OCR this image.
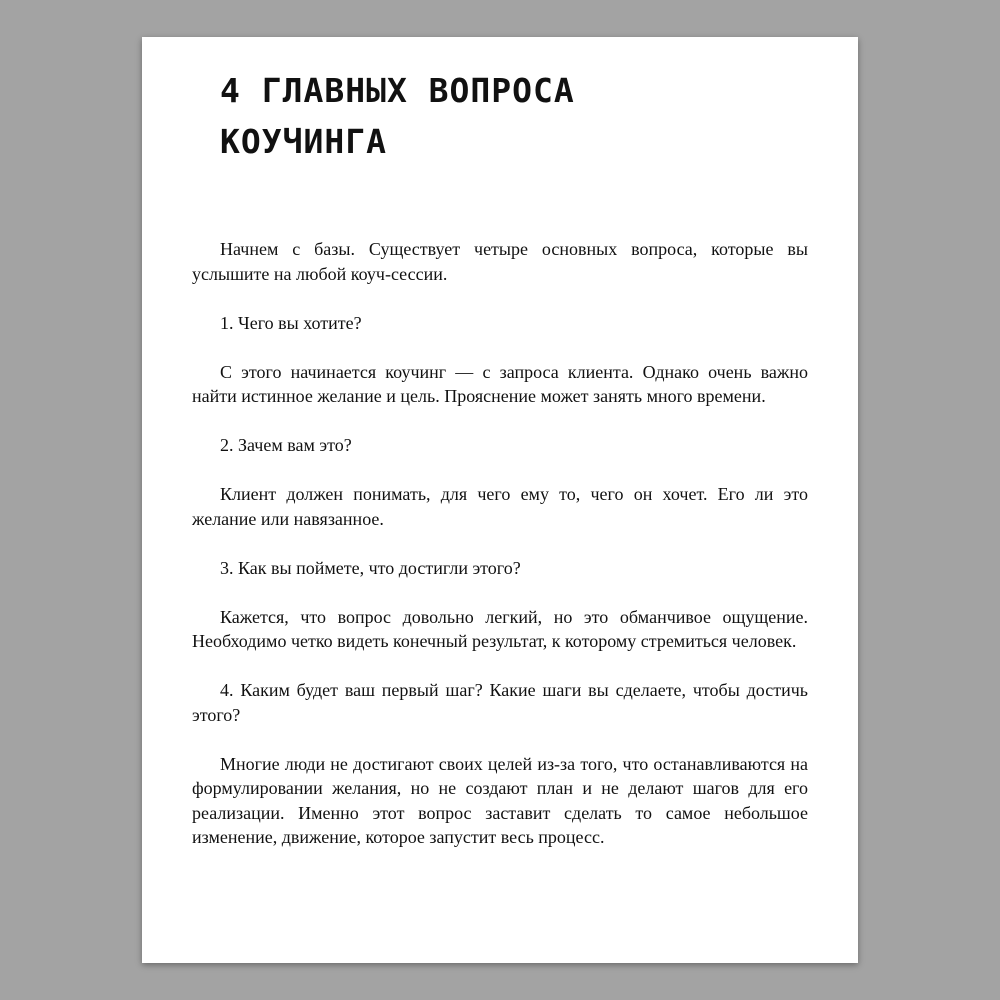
4 ГЛАВНЫХ ВОПРОСА
КОУЧИНГА

Начнем с базы. Существует четыре основных вопроса, которые вы услышите на любой коуч-сессии.

1. Чего вы хотите?

С этого начинается коучинг — с запроса клиента. Однако очень важно найти истинное желание и цель. Прояснение может занять много времени.

2. Зачем вам это?

Клиент должен понимать, для чего ему то, чего он хочет. Его ли это желание или навязанное.

3. Как вы поймете, что достигли этого?

Кажется, что вопрос довольно легкий, но это обманчивое ощущение. Необходимо четко видеть конечный результат, к которому стремиться человек.

4. Каким будет ваш первый шаг? Какие шаги вы сделаете, чтобы достичь этого?

Многие люди не достигают своих целей из-за того, что останавливаются на формулировании желания, но не создают план и не делают шагов для его реализации. Именно этот вопрос заставит сделать то самое небольшое изменение, движение, которое запустит весь процесс.
